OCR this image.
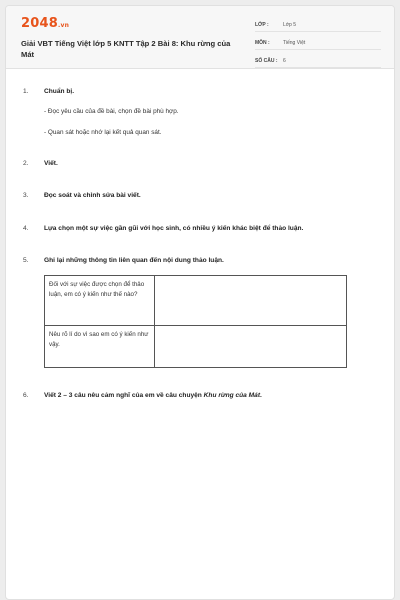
2048.vn
Giải VBT Tiếng Việt lớp 5 KNTT Tập 2 Bài 8: Khu rừng của Mát
LỚP :	Lớp 5
MÔN :	Tiếng Việt
SỐ CÂU :	6
1.	Chuẩn bị.
- Đọc yêu cầu của đề bài, chọn đề bài phù hợp.
- Quan sát hoặc nhớ lại kết quả quan sát.
2.	Viết.
3.	Đọc soát và chỉnh sửa bài viết.
4.	Lựa chọn một sự việc gần gũi với học sinh, có nhiều ý kiến khác biệt để thảo luận.
5.	Ghi lại những thông tin liên quan đến nội dung thảo luận.
Đối với sự việc được chọn để thảo luận, em có ý kiến như thế nào?	
Nêu rõ lí do vì sao em có ý kiến như vậy.	
6.	Viết 2 – 3 câu nêu cảm nghĩ của em về câu chuyện Khu rừng của Mát.
